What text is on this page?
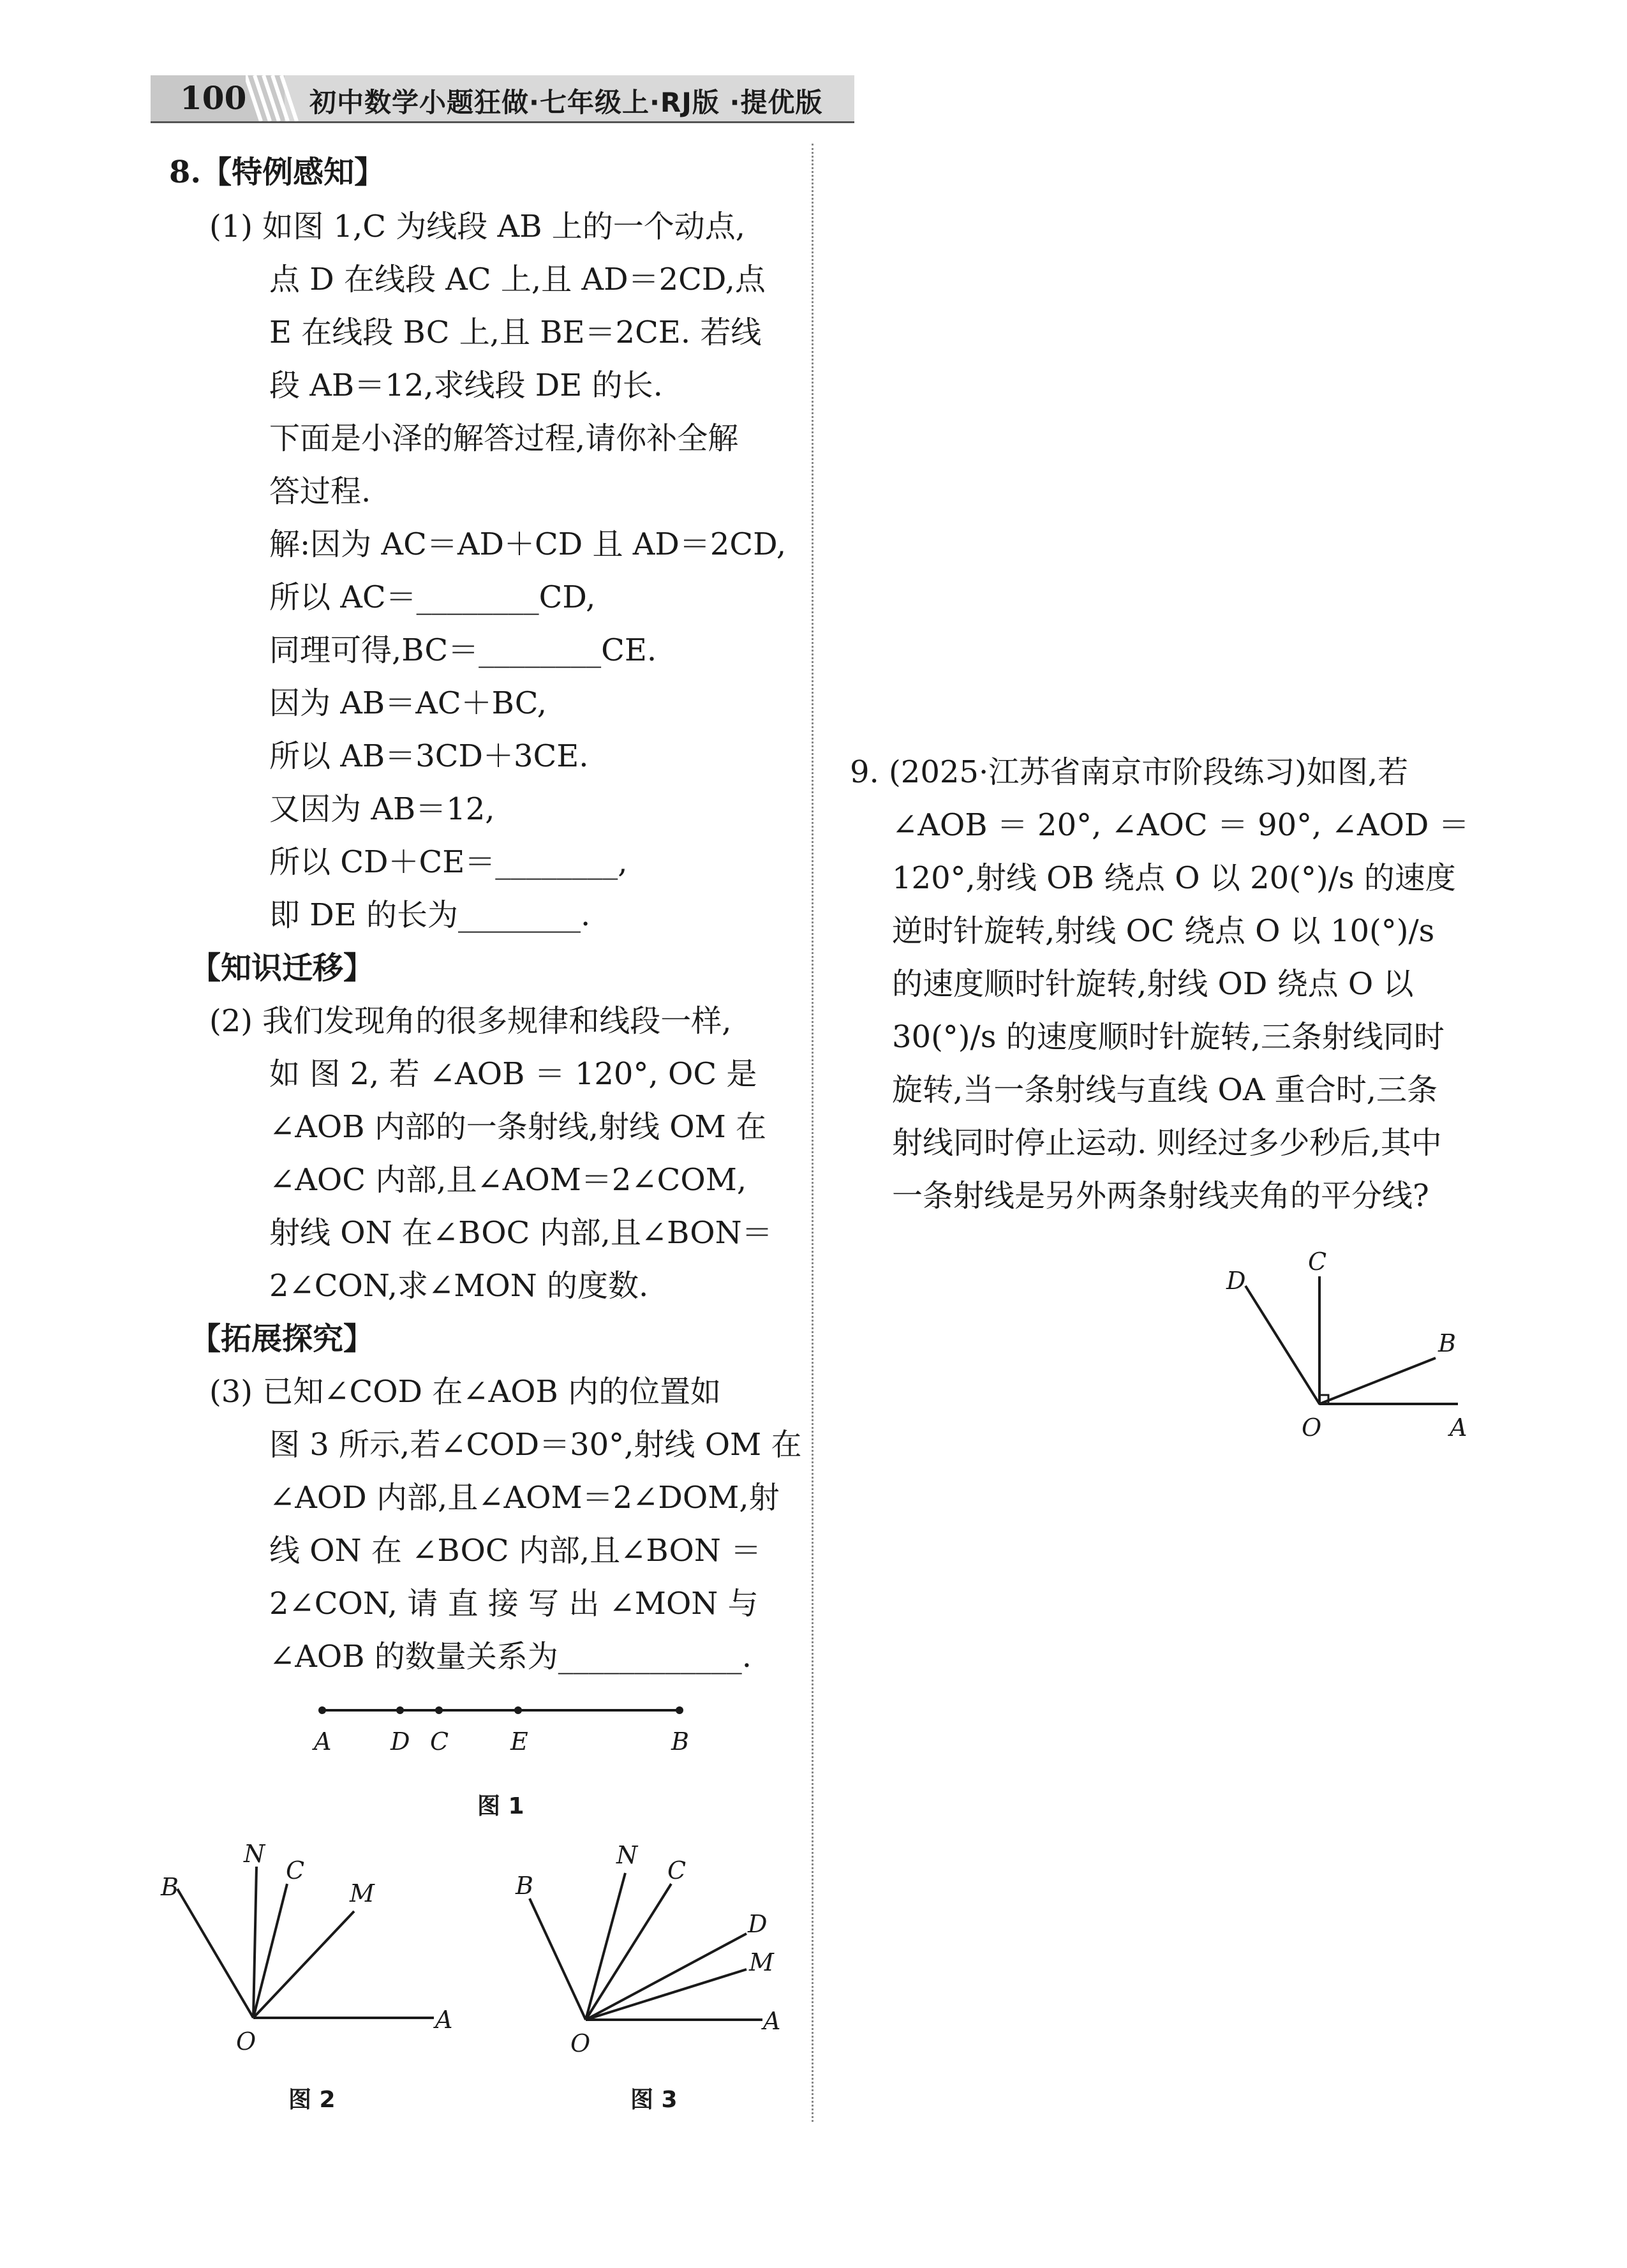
100 初中数学小题狂做·七年级上·RJ版 ·提优版
8.【特例感知】
(1) 如图 1,C 为线段 AB 上的一个动点,
点 D 在线段 AC 上,且 AD＝2CD,点
E 在线段 BC 上,且 BE＝2CE. 若线
段 AB＝12,求线段 DE 的长.
下面是小泽的解答过程,请你补全解
答过程.
解:因为 AC＝AD＋CD 且 AD＝2CD,
所以 AC＝________CD,
同理可得,BC＝________CE.
因为 AB＝AC＋BC,
所以 AB＝3CD＋3CE.
又因为 AB＝12,
所以 CD＋CE＝________,
即 DE 的长为________.
【知识迁移】
(2) 我们发现角的很多规律和线段一样,
如 图 2, 若 ∠AOB ＝ 120°, OC 是
∠AOB 内部的一条射线,射线 OM 在
∠AOC 内部,且∠AOM＝2∠COM,
射线 ON 在∠BOC 内部,且∠BON＝
2∠CON,求∠MON 的度数.
【拓展探究】
(3) 已知∠COD 在∠AOB 内的位置如
图 3 所示,若∠COD＝30°,射线 OM 在
∠AOD 内部,且∠AOM＝2∠DOM,射
线 ON 在 ∠BOC 内部,且∠BON ＝
2∠CON, 请 直 接 写 出 ∠MON 与
∠AOB 的数量关系为____________.
A D C	E	B
图 1
B
N
C
M
O
A
图 2
B
N
C
D
M
O
A
图 3
9. (2025·江苏省南京市阶段练习)如图,若
∠AOB ＝ 20°, ∠AOC ＝ 90°, ∠AOD ＝
120°,射线 OB 绕点 O 以 20(°)/s 的速度
逆时针旋转,射线 OC 绕点 O 以 10(°)/s
的速度顺时针旋转,射线 OD 绕点 O 以
30(°)/s 的速度顺时针旋转,三条射线同时
旋转,当一条射线与直线 OA 重合时,三条
射线同时停止运动. 则经过多少秒后,其中
一条射线是另外两条射线夹角的平分线?
D
C
B
O	A
